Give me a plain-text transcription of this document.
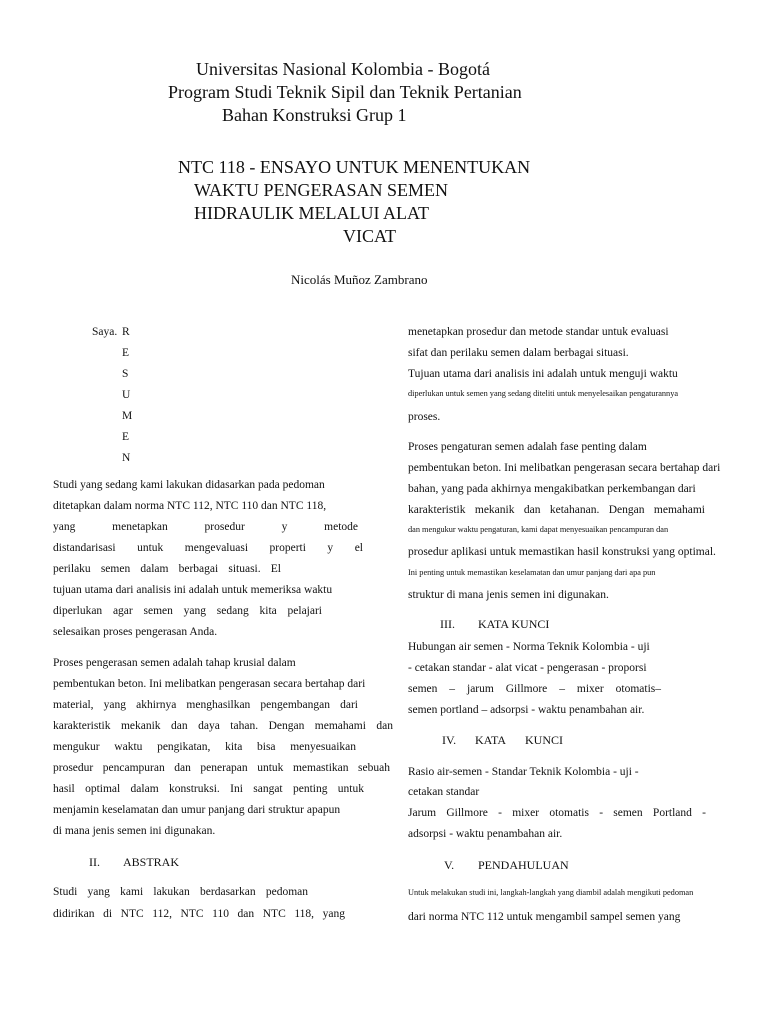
Universitas Nasional Kolombia - Bogotá
Program Studi Teknik Sipil dan Teknik Pertanian
Bahan Konstruksi Grup 1
NTC 118 - ENSAYO UNTUK MENENTUKAN
WAKTU PENGERASAN SEMEN
HIDRAULIK MELALUI ALAT
VICAT
Nicolás Muñoz Zambrano
Saya. R
E
S
U
M
E
N
Studi yang sedang kami lakukan didasarkan pada pedoman
ditetapkan dalam norma NTC 112, NTC 110 dan NTC 118,
yang menetapkan prosedur y metode
distandarisasi untuk mengevaluasi properti y el
perilaku semen dalam berbagai situasi. El
tujuan utama dari analisis ini adalah untuk memeriksa waktu
diperlukan agar semen yang sedang kita pelajari
selesaikan proses pengerasan Anda.
Proses pengerasan semen adalah tahap krusial dalam
pembentukan beton. Ini melibatkan pengerasan secara bertahap dari
material, yang akhirnya menghasilkan pengembangan dari
karakteristik mekanik dan daya tahan. Dengan memahami dan
mengukur waktu pengikatan, kita bisa menyesuaikan
prosedur pencampuran dan penerapan untuk memastikan sebuah
hasil optimal dalam konstruksi. Ini sangat penting untuk
menjamin keselamatan dan umur panjang dari struktur apapun
di mana jenis semen ini digunakan.
II. ABSTRAK
Studi yang kami lakukan berdasarkan pedoman
didirikan di NTC 112, NTC 110 dan NTC 118, yang
menetapkan prosedur dan metode standar untuk evaluasi
sifat dan perilaku semen dalam berbagai situasi.
Tujuan utama dari analisis ini adalah untuk menguji waktu
diperlukan untuk semen yang sedang diteliti untuk menyelesaikan pengaturannya
proses.
Proses pengaturan semen adalah fase penting dalam
pembentukan beton. Ini melibatkan pengerasan secara bertahap dari
bahan, yang pada akhirnya mengakibatkan perkembangan dari
karakteristik mekanik dan ketahanan. Dengan memahami
dan mengukur waktu pengaturan, kami dapat menyesuaikan pencampuran dan
prosedur aplikasi untuk memastikan hasil konstruksi yang optimal.
Ini penting untuk memastikan keselamatan dan umur panjang dari apa pun
struktur di mana jenis semen ini digunakan.
III. KATA KUNCI
Hubungan air semen - Norma Teknik Kolombia - uji
- cetakan standar - alat vicat - pengerasan - proporsi
semen – jarum Gillmore – mixer otomatis–
semen portland – adsorpsi - waktu penambahan air.
IV. KATA KUNCI
Rasio air-semen - Standar Teknik Kolombia - uji -
cetakan standar
Jarum Gillmore - mixer otomatis - semen Portland -
adsorpsi - waktu penambahan air.
V. PENDAHULUAN
Untuk melakukan studi ini, langkah-langkah yang diambil adalah mengikuti pedoman
dari norma NTC 112 untuk mengambil sampel semen yang
